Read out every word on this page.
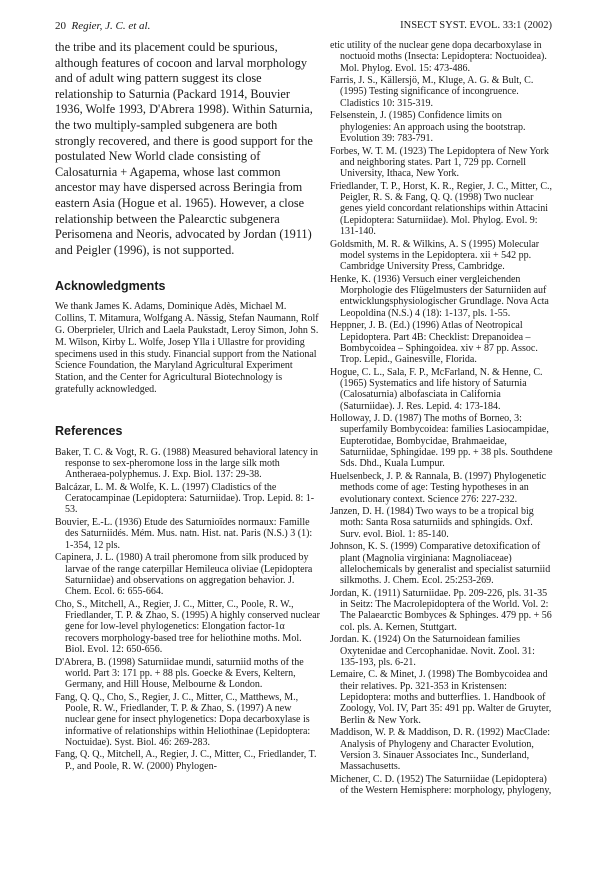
20 Regier, J. C. et al.	INSECT SYST. EVOL. 33:1 (2002)

the tribe and its placement could be spurious, although features of cocoon and larval morphology and of adult wing pattern suggest its close relationship to Saturnia (Packard 1914, Bouvier 1936, Wolfe 1993, D'Abrera 1998). Within Saturnia, the two multiply-sampled subgenera are both strongly recovered, and there is good support for the postulated New World clade consisting of Calosaturnia + Agapema, whose last common ancestor may have dispersed across Beringia from eastern Asia (Hogue et al. 1965). However, a close relationship between the Palearctic subgenera Perisomena and Neoris, advocated by Jordan (1911) and Peigler (1996), is not supported.

Acknowledgments

We thank James K. Adams, Dominique Adès, Michael M. Collins, T. Mitamura, Wolfgang A. Nässig, Stefan Naumann, Rolf G. Oberprieler, Ulrich and Laela Paukstadt, Leroy Simon, John S. M. Wilson, Kirby L. Wolfe, Josep Ylla i Ullastre for providing specimens used in this study. Financial support from the National Science Foundation, the Maryland Agricultural Experiment Station, and the Center for Agricultural Biotechnology is gratefully acknowledged.

References

Baker, T. C. & Vogt, R. G. (1988) Measured behavioral latency in response to sex-pheromone loss in the large silk moth Antheraea-polyphemus. J. Exp. Biol. 137: 29-38.

Balcázar, L. M. & Wolfe, K. L. (1997) Cladistics of the Ceratocampinae (Lepidoptera: Saturniidae). Trop. Lepid. 8: 1-53.

Bouvier, E.-L. (1936) Etude des Saturnioïdes normaux: Famille des Saturniidés. Mém. Mus. natn. Hist. nat. Paris (N.S.) 3 (1): 1-354, 12 pls.

Capinera, J. L. (1980) A trail pheromone from silk produced by larvae of the range caterpillar Hemileuca oliviae (Lepidoptera Saturniidae) and observations on aggregation behavior. J. Chem. Ecol. 6: 655-664.

Cho, S., Mitchell, A., Regier, J. C., Mitter, C., Poole, R. W., Friedlander, T. P. & Zhao, S. (1995) A highly conserved nuclear gene for low-level phylogenetics: Elongation factor-1α recovers morphology-based tree for heliothine moths. Mol. Biol. Evol. 12: 650-656.

D'Abrera, B. (1998) Saturniidae mundi, saturniid moths of the world. Part 3: 171 pp. + 88 pls. Goecke & Evers, Keltern, Germany, and Hill House, Melbourne & London.

Fang, Q. Q., Cho, S., Regier, J. C., Mitter, C., Matthews, M., Poole, R. W., Friedlander, T. P. & Zhao, S. (1997) A new nuclear gene for insect phylogenetics: Dopa decarboxylase is informative of relationships within Heliothinae (Lepidoptera: Noctuidae). Syst. Biol. 46: 269-283.

Fang, Q. Q., Mitchell, A., Regier, J. C., Mitter, C., Friedlander, T. P., and Poole, R. W. (2000) Phylogen-

etic utility of the nuclear gene dopa decarboxylase in noctuoid moths (Insecta: Lepidoptera: Noctuoidea). Mol. Phylog. Evol. 15: 473-486.

Farris, J. S., Källersjö, M., Kluge, A. G. & Bult, C. (1995) Testing significance of incongruence. Cladistics 10: 315-319.

Felsenstein, J. (1985) Confidence limits on phylogenies: An approach using the bootstrap. Evolution 39: 783-791.

Forbes, W. T. M. (1923) The Lepidoptera of New York and neighboring states. Part 1, 729 pp. Cornell University, Ithaca, New York.

Friedlander, T. P., Horst, K. R., Regier, J. C., Mitter, C., Peigler, R. S. & Fang, Q. Q. (1998) Two nuclear genes yield concordant relationships within Attacini (Lepidoptera: Saturniidae). Mol. Phylog. Evol. 9: 131-140.

Goldsmith, M. R. & Wilkins, A. S (1995) Molecular model systems in the Lepidoptera. xii + 542 pp. Cambridge University Press, Cambridge.

Henke, K. (1936) Versuch einer vergleichenden Morphologie des Flügelmusters der Saturniiden auf entwicklungsphysiologischer Grundlage. Nova Acta Leopoldina (N.S.) 4 (18): 1-137, pls. 1-55.

Heppner, J. B. (Ed.) (1996) Atlas of Neotropical Lepidoptera. Part 4B: Checklist: Drepanoidea – Bombycoidea – Sphingoidea. xiv + 87 pp. Assoc. Trop. Lepid., Gainesville, Florida.

Hogue, C. L., Sala, F. P., McFarland, N. & Henne, C. (1965) Systematics and life history of Saturnia (Calosaturnia) albofasciata in California (Saturniidae). J. Res. Lepid. 4: 173-184.

Holloway, J. D. (1987) The moths of Borneo, 3: superfamily Bombycoidea: families Lasiocampidae, Eupterotidae, Bombycidae, Brahmaeidae, Saturniidae, Sphingidae. 199 pp. + 38 pls. Southdene Sds. Dhd., Kuala Lumpur.

Huelsenbeck, J. P. & Rannala, B. (1997) Phylogenetic methods come of age: Testing hypotheses in an evolutionary context. Science 276: 227-232.

Janzen, D. H. (1984) Two ways to be a tropical big moth: Santa Rosa saturniids and sphingids. Oxf. Surv. evol. Biol. 1: 85-140.

Johnson, K. S. (1999) Comparative detoxification of plant (Magnolia virginiana: Magnoliaceae) allelochemicals by generalist and specialist saturniid silkmoths. J. Chem. Ecol. 25:253-269.

Jordan, K. (1911) Saturniidae. Pp. 209-226, pls. 31-35 in Seitz: The Macrolepidoptera of the World. Vol. 2: The Palaearctic Bombyces & Sphinges. 479 pp. + 56 col. pls. A. Kernen, Stuttgart.

Jordan. K. (1924) On the Saturnoidean families Oxytenidae and Cercophanidae. Novit. Zool. 31: 135-193, pls. 6-21.

Lemaire, C. & Minet, J. (1998) The Bombycoidea and their relatives. Pp. 321-353 in Kristensen: Lepidoptera: moths and butterflies. 1. Handbook of Zoology, Vol. IV, Part 35: 491 pp. Walter de Gruyter, Berlin & New York.

Maddison, W. P. & Maddison, D. R. (1992) MacClade: Analysis of Phylogeny and Character Evolution, Version 3. Sinauer Associates Inc., Sunderland, Massachusetts.

Michener, C. D. (1952) The Saturniidae (Lepidoptera) of the Western Hemisphere: morphology, phylogeny,
